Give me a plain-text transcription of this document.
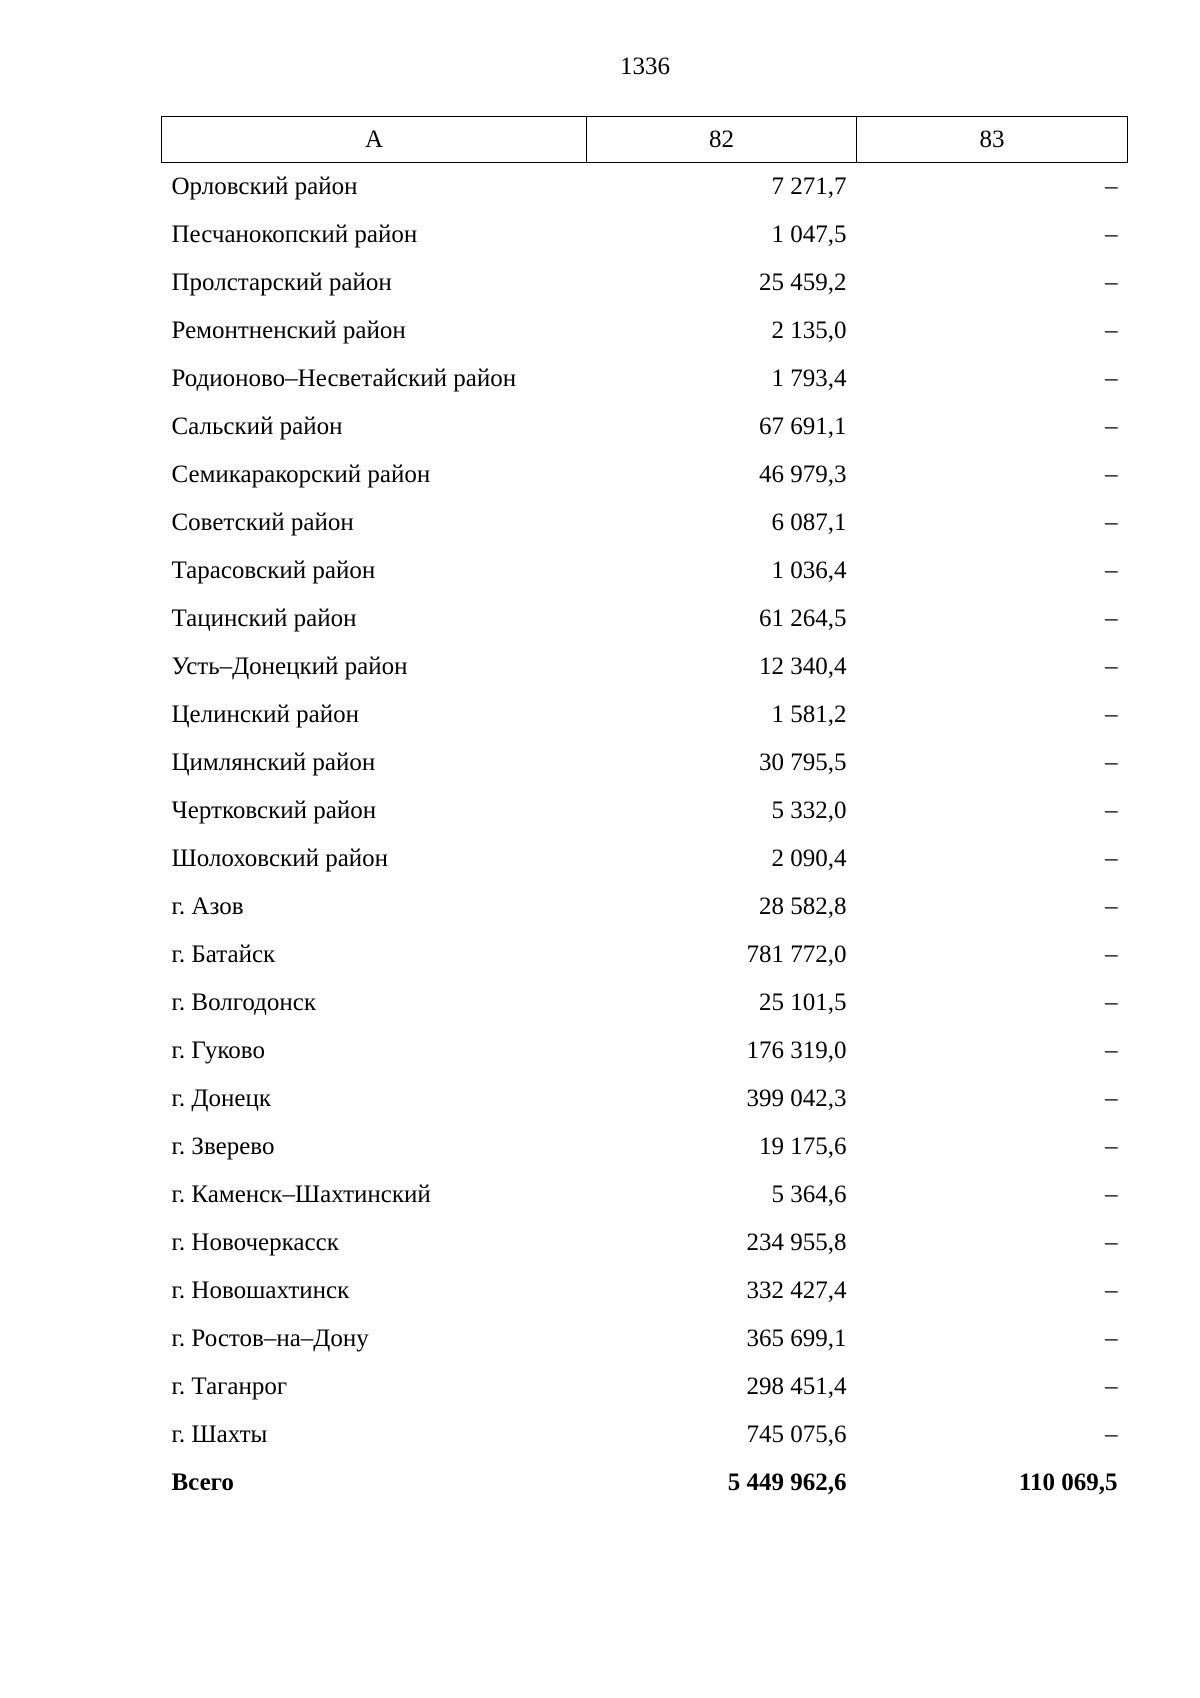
1336
А	82	83
Орловский район	7 271,7	–
Песчанокопский район	1 047,5	–
Пролстарский район	25 459,2	–
Ремонтненский район	2 135,0	–
Родионово–Несветайский район	1 793,4	–
Сальский район	67 691,1	–
Семикаракорский район	46 979,3	–
Советский район	6 087,1	–
Тарасовский район	1 036,4	–
Тацинский район	61 264,5	–
Усть–Донецкий район	12 340,4	–
Целинский район	1 581,2	–
Цимлянский район	30 795,5	–
Чертковский район	5 332,0	–
Шолоховский район	2 090,4	–
г. Азов	28 582,8	–
г. Батайск	781 772,0	–
г. Волгодонск	25 101,5	–
г. Гуково	176 319,0	–
г. Донецк	399 042,3	–
г. Зверево	19 175,6	–
г. Каменск–Шахтинский	5 364,6	–
г. Новочеркасск	234 955,8	–
г. Новошахтинск	332 427,4	–
г. Ростов–на–Дону	365 699,1	–
г. Таганрог	298 451,4	–
г. Шахты	745 075,6	–
Всего	5 449 962,6	110 069,5
